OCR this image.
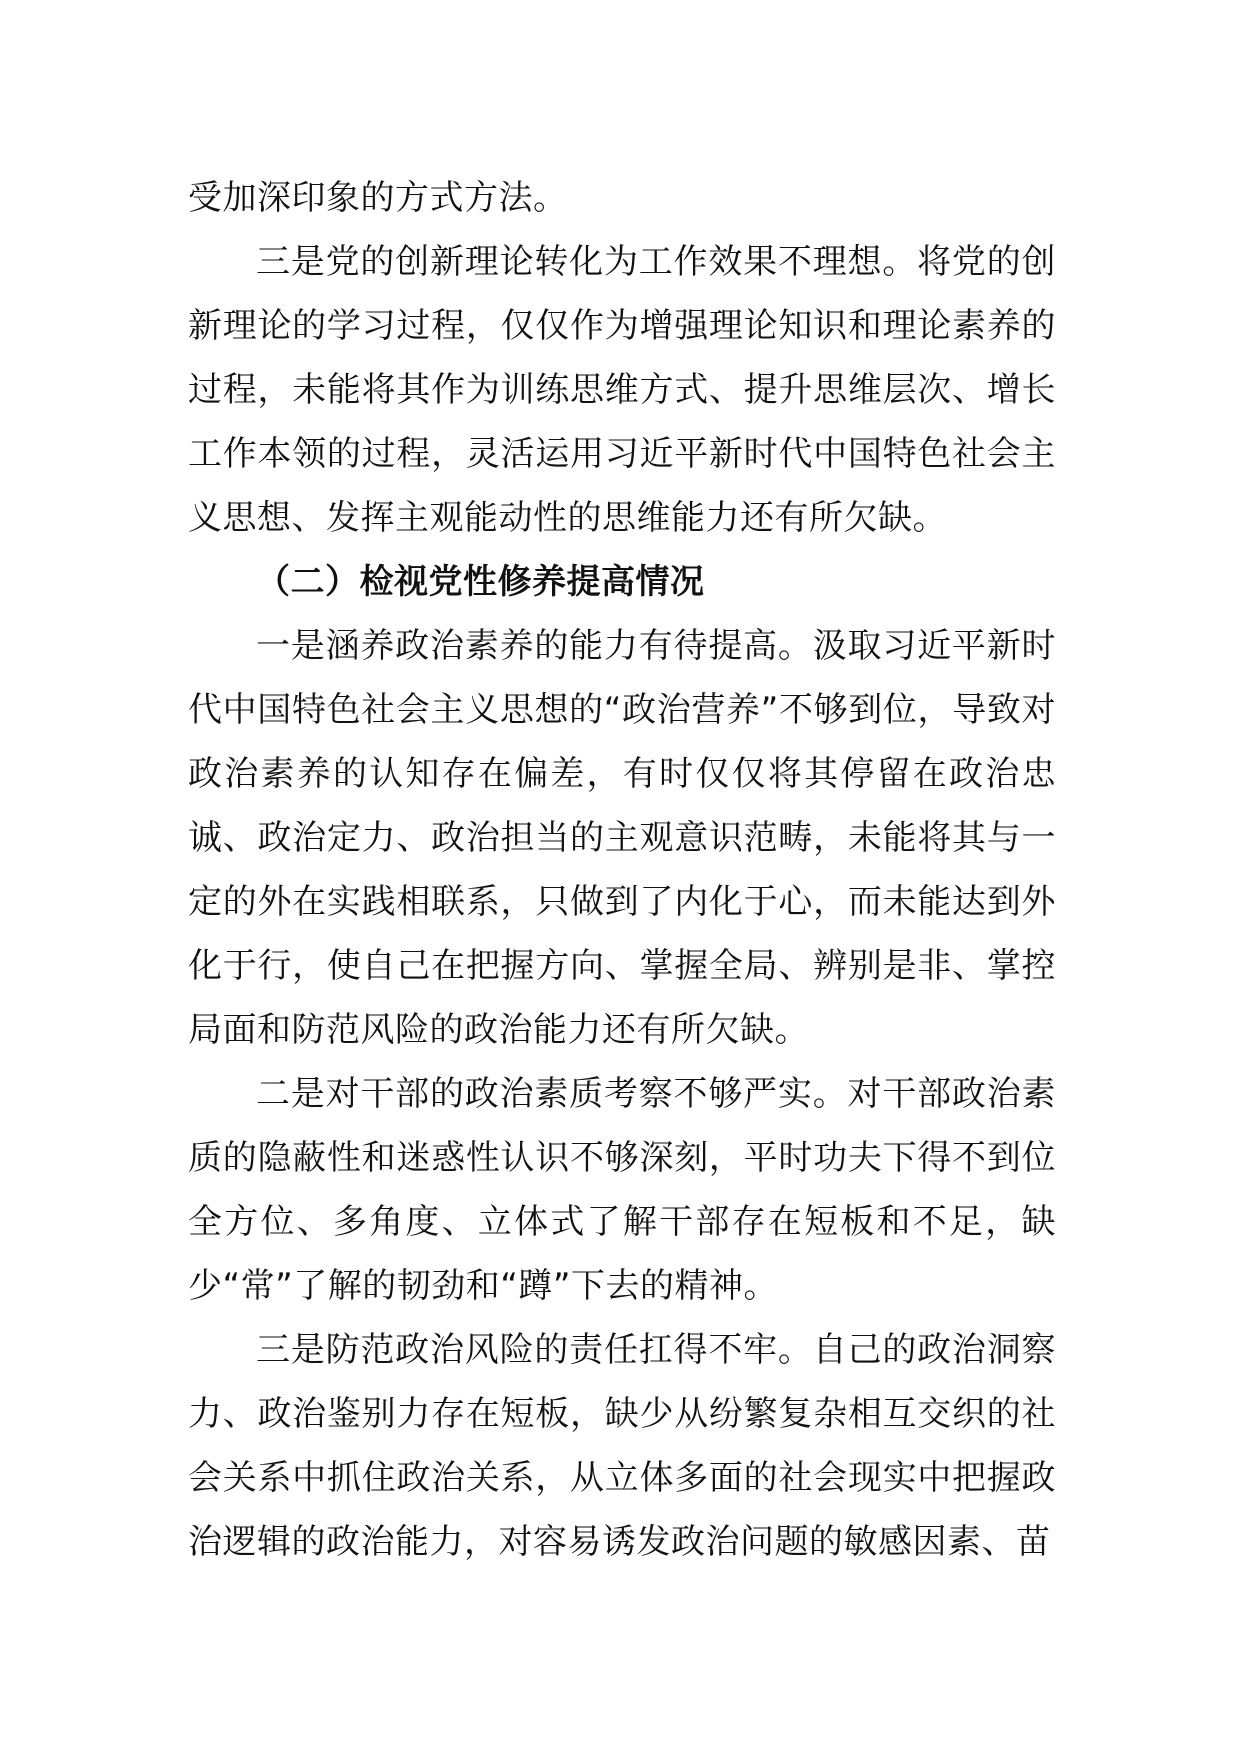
受加深印象的方式方法。

三是党的创新理论转化为工作效果不理想。将党的创新理论的学习过程，仅仅作为增强理论知识和理论素养的过程，未能将其作为训练思维方式、提升思维层次、增长工作本领的过程，灵活运用习近平新时代中国特色社会主义思想、发挥主观能动性的思维能力还有所欠缺。

（二）检视党性修养提高情况

一是涵养政治素养的能力有待提高。汲取习近平新时代中国特色社会主义思想的“政治营养”不够到位，导致对政治素养的认知存在偏差，有时仅仅将其停留在政治忠诚、政治定力、政治担当的主观意识范畴，未能将其与一定的外在实践相联系，只做到了内化于心，而未能达到外化于行，使自己在把握方向、掌握全局、辨别是非、掌控局面和防范风险的政治能力还有所欠缺。

二是对干部的政治素质考察不够严实。对干部政治素质的隐蔽性和迷惑性认识不够深刻，平时功夫下得不到位全方位、多角度、立体式了解干部存在短板和不足，缺少“常”了解的韧劲和“蹲”下去的精神。

三是防范政治风险的责任扛得不牢。自己的政治洞察力、政治鉴别力存在短板，缺少从纷繁复杂相互交织的社会关系中抓住政治关系，从立体多面的社会现实中把握政治逻辑的政治能力，对容易诱发政治问题的敏感因素、苗
